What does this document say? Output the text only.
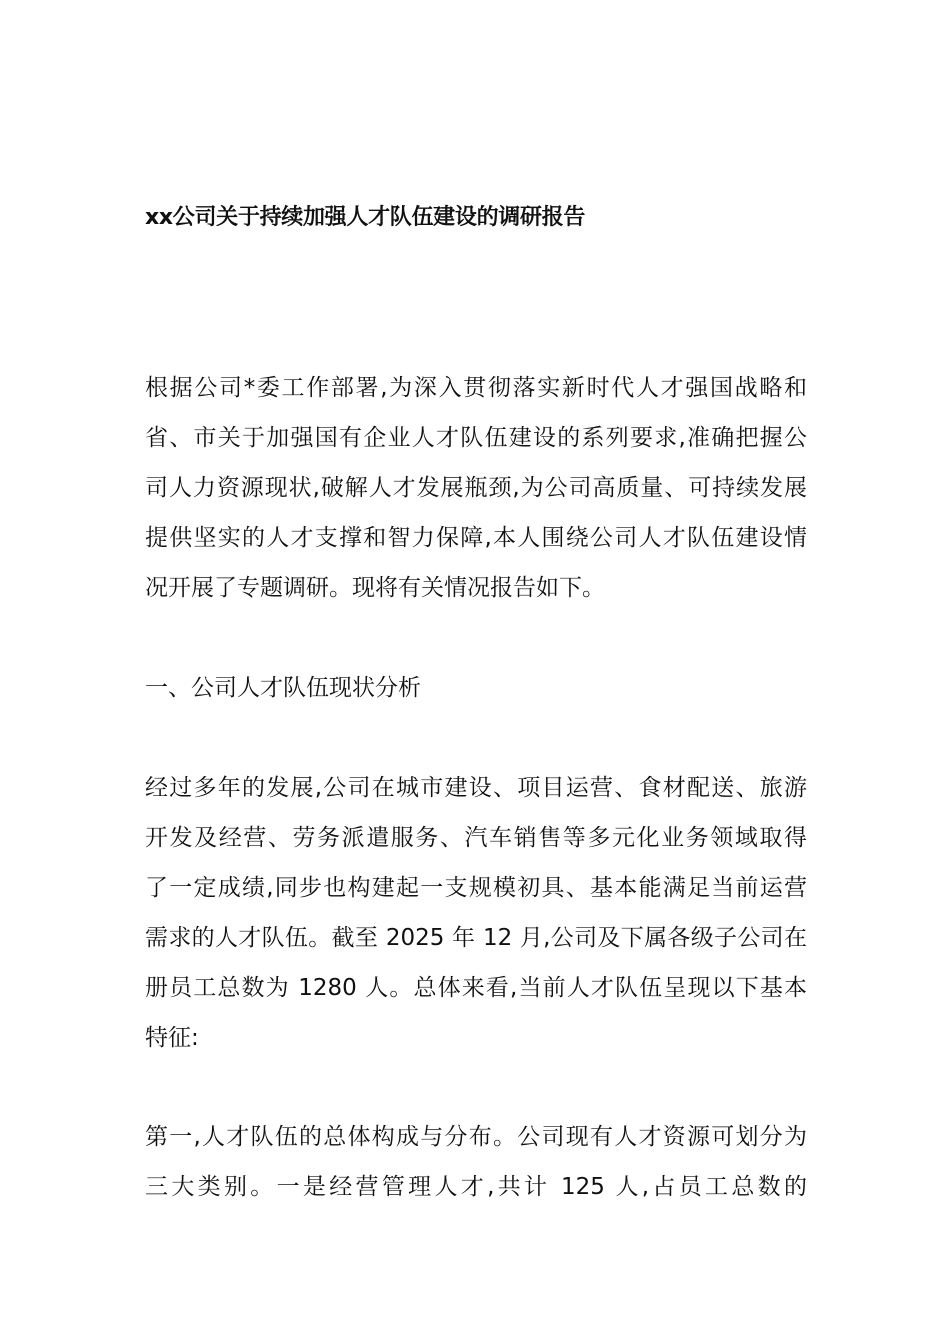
xx公司关于持续加强人才队伍建设的调研报告
根据公司*委工作部署,为深入贯彻落实新时代人才强国战略和
省、市关于加强国有企业人才队伍建设的系列要求,准确把握公
司人力资源现状,破解人才发展瓶颈,为公司高质量、可持续发展
提供坚实的人才支撑和智力保障,本人围绕公司人才队伍建设情
况开展了专题调研。现将有关情况报告如下。
一、公司人才队伍现状分析
经过多年的发展,公司在城市建设、项目运营、食材配送、旅游
开发及经营、劳务派遣服务、汽车销售等多元化业务领域取得
了一定成绩,同步也构建起一支规模初具、基本能满足当前运营
需求的人才队伍。截至 2025 年 12 月,公司及下属各级子公司在
册员工总数为 1280 人。总体来看,当前人才队伍呈现以下基本
特征:
第一,人才队伍的总体构成与分布。公司现有人才资源可划分为
三大类别。一是经营管理人才,共计 125 人,占员工总数的
